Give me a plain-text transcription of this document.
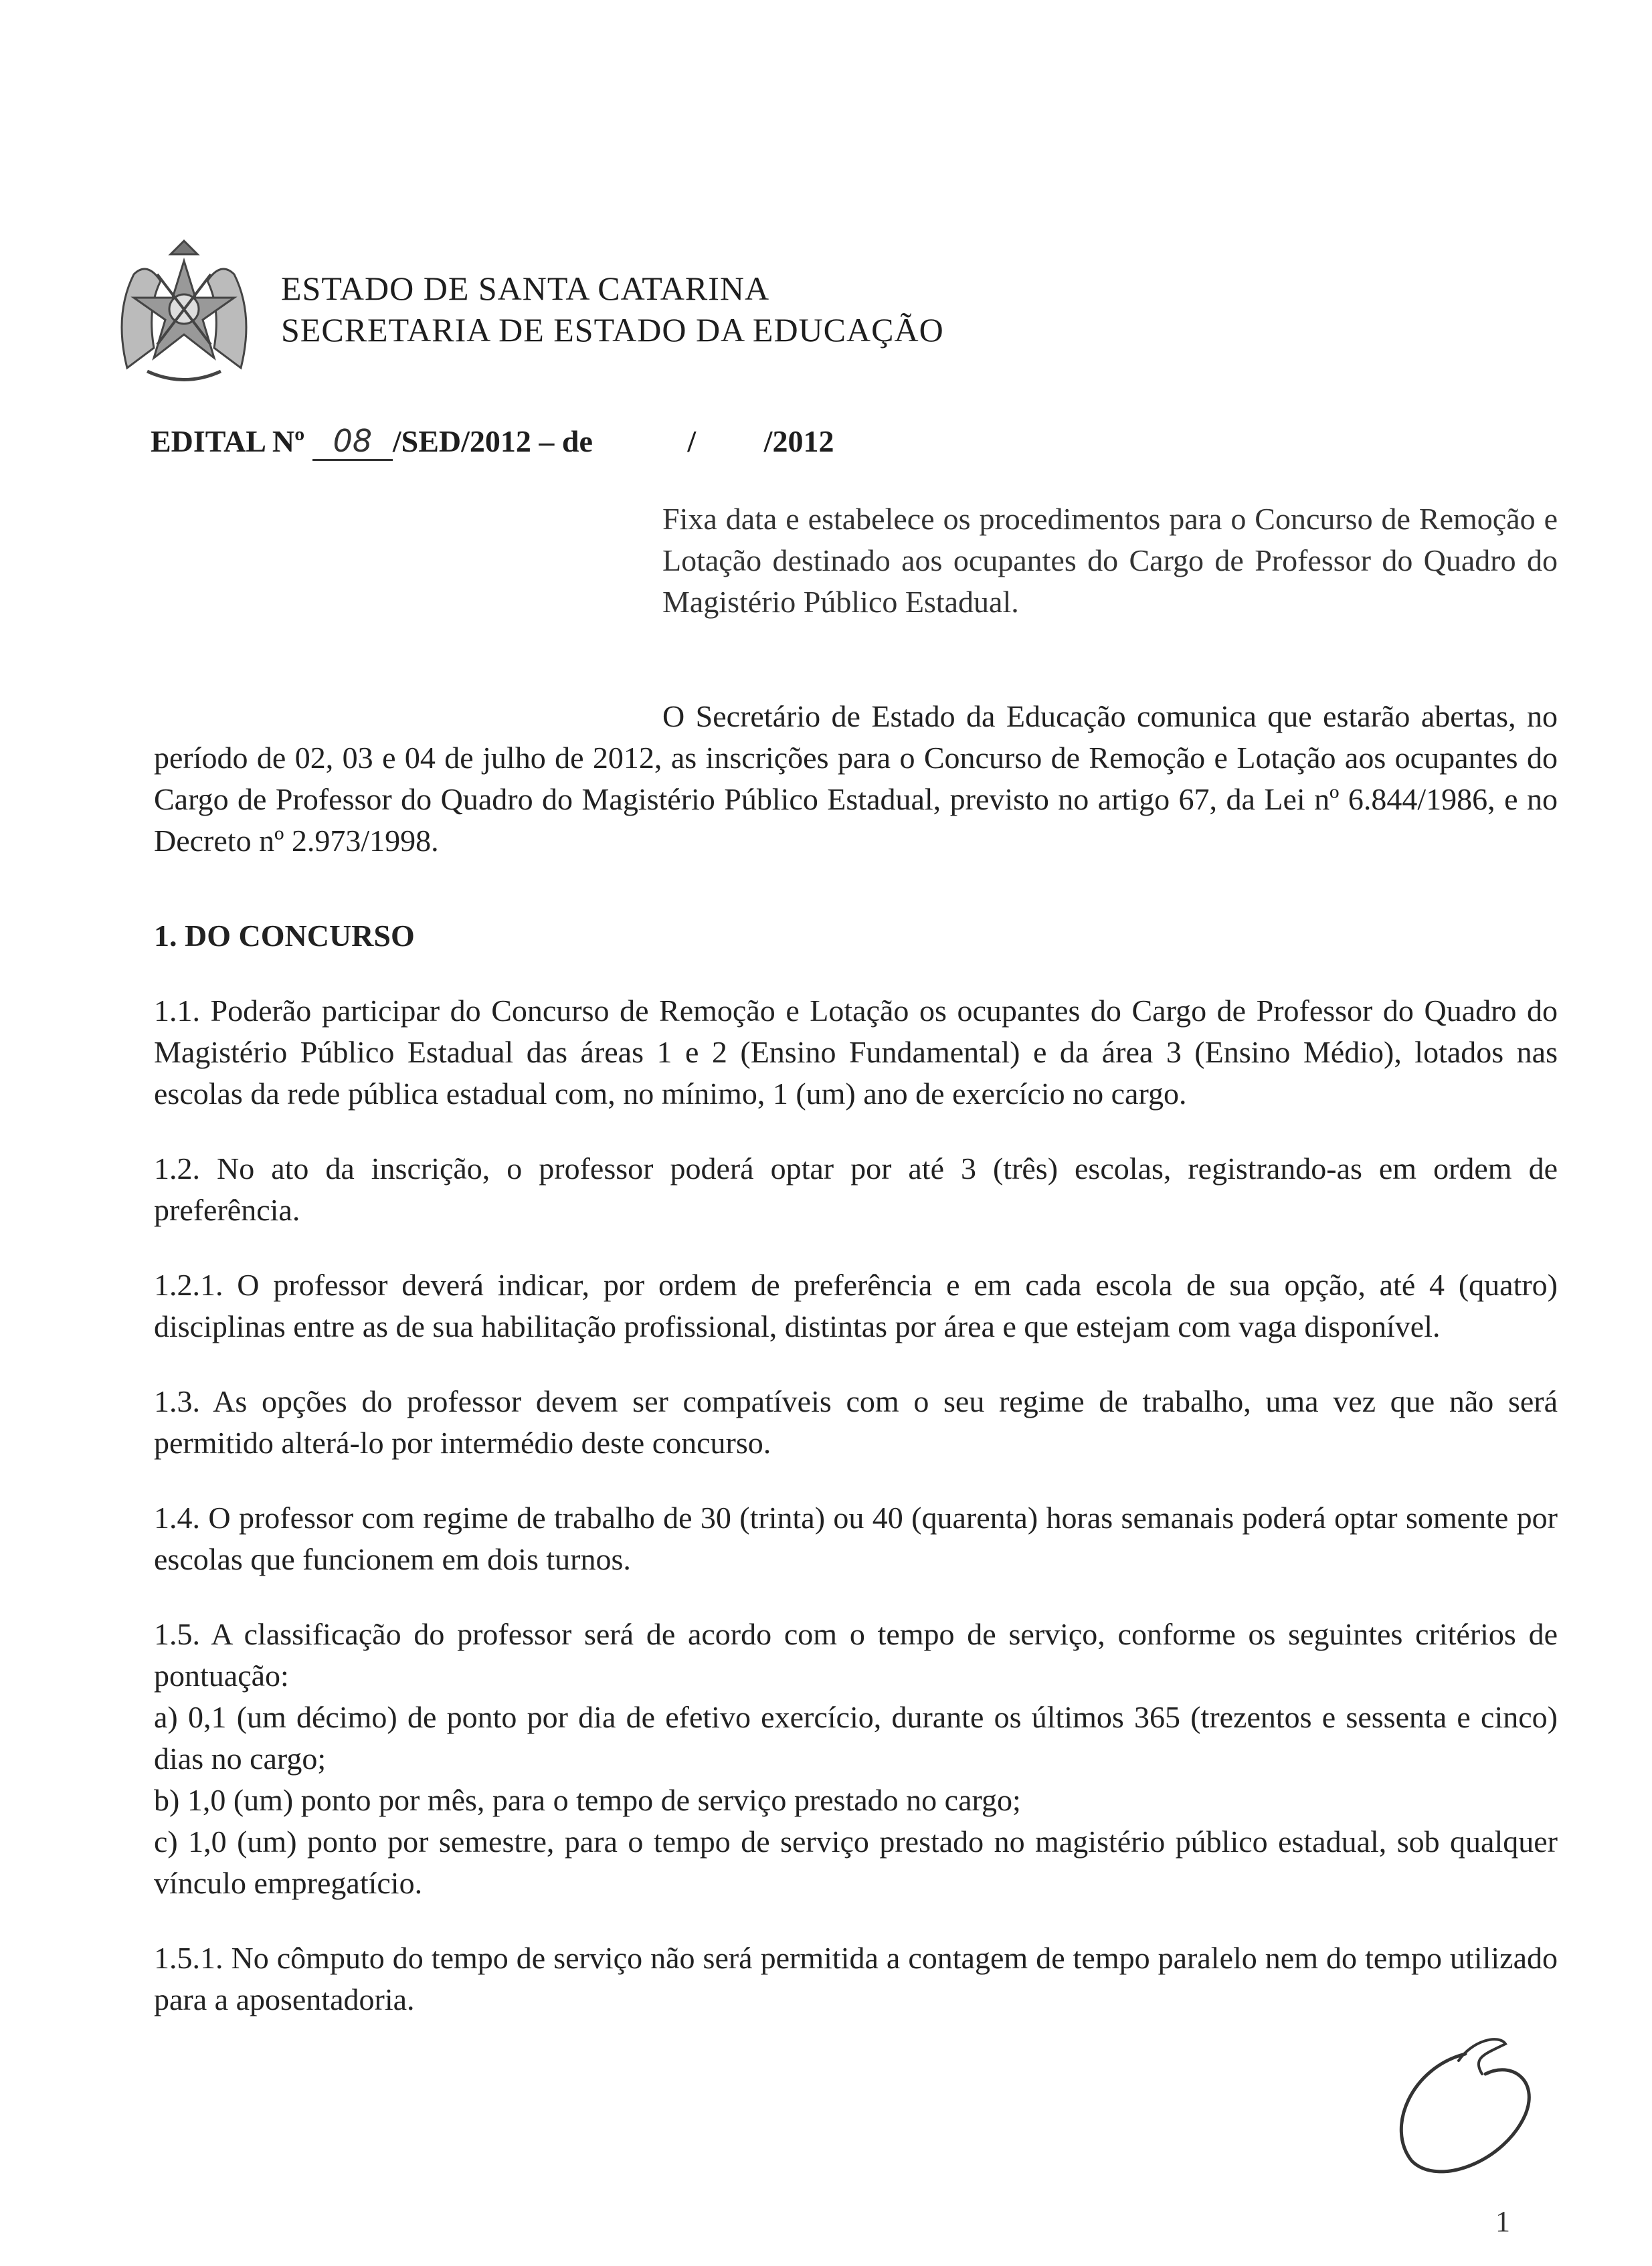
ESTADO DE SANTA CATARINA
SECRETARIA DE ESTADO DA EDUCAÇÃO
EDITAL Nº 08 /SED/2012 – de	/ /2012
Fixa data e estabelece os procedimentos para o Concurso de Remoção e Lotação destinado aos ocupantes do Cargo de Professor do Quadro do Magistério Público Estadual.

O Secretário de Estado da Educação comunica que estarão abertas, no período de 02, 03 e 04 de julho de 2012, as inscrições para o Concurso de Remoção e Lotação aos ocupantes do Cargo de Professor do Quadro do Magistério Público Estadual, previsto no artigo 67, da Lei nº 6.844/1986, e no Decreto nº 2.973/1998.

1. DO CONCURSO

1.1. Poderão participar do Concurso de Remoção e Lotação os ocupantes do Cargo de Professor do Quadro do Magistério Público Estadual das áreas 1 e 2 (Ensino Fundamental) e da área 3 (Ensino Médio), lotados nas escolas da rede pública estadual com, no mínimo, 1 (um) ano de exercício no cargo.

1.2. No ato da inscrição, o professor poderá optar por até 3 (três) escolas, registrando-as em ordem de preferência.

1.2.1. O professor deverá indicar, por ordem de preferência e em cada escola de sua opção, até 4 (quatro) disciplinas entre as de sua habilitação profissional, distintas por área e que estejam com vaga disponível.

1.3. As opções do professor devem ser compatíveis com o seu regime de trabalho, uma vez que não será permitido alterá-lo por intermédio deste concurso.

1.4. O professor com regime de trabalho de 30 (trinta) ou 40 (quarenta) horas semanais poderá optar somente por escolas que funcionem em dois turnos.

1.5. A classificação do professor será de acordo com o tempo de serviço, conforme os seguintes critérios de pontuação:

a) 0,1 (um décimo) de ponto por dia de efetivo exercício, durante os últimos 365 (trezentos e sessenta e cinco) dias no cargo;

b) 1,0 (um) ponto por mês, para o tempo de serviço prestado no cargo;

c) 1,0 (um) ponto por semestre, para o tempo de serviço prestado no magistério público estadual, sob qualquer vínculo empregatício.

1.5.1. No cômputo do tempo de serviço não será permitida a contagem de tempo paralelo nem do tempo utilizado para a aposentadoria.

1
